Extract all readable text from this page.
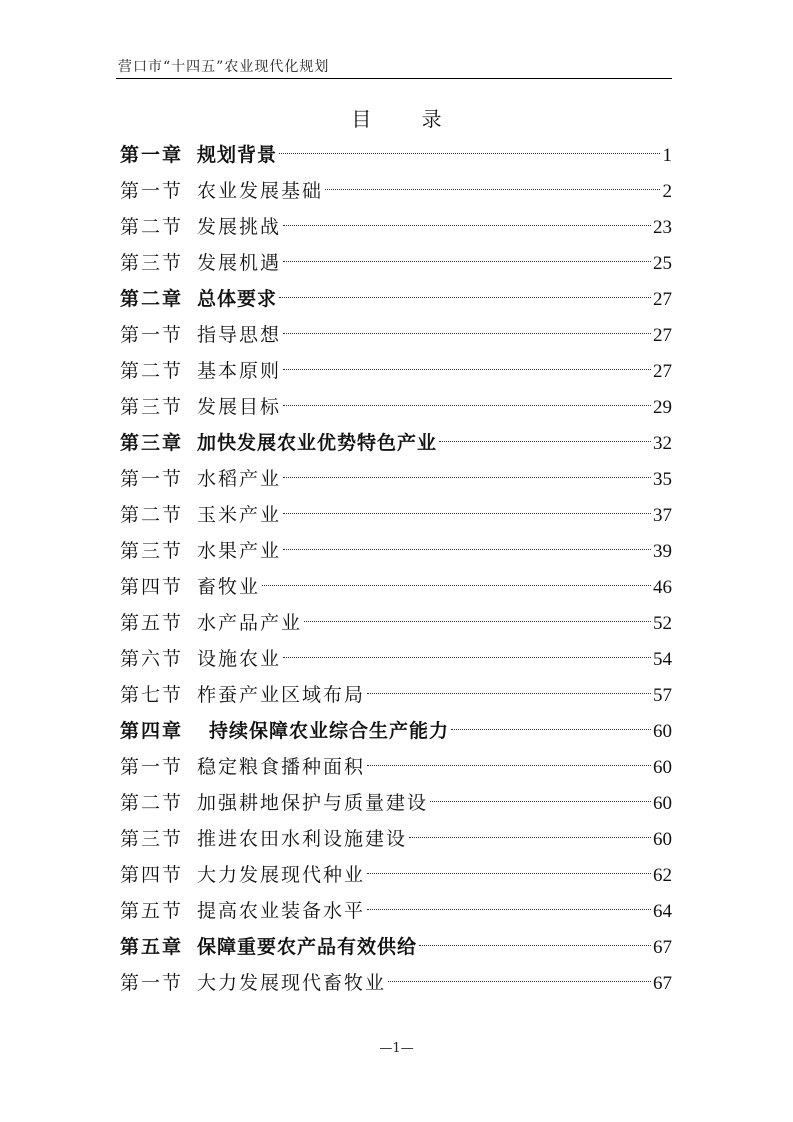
营口市“十四五”农业现代化规划
目 录
第一章 规划背景	1
第一节 农业发展基础	2
第二节 发展挑战	23
第三节 发展机遇	25
第二章 总体要求	27
第一节 指导思想	27
第二节 基本原则	27
第三节 发展目标	29
第三章 加快发展农业优势特色产业	32
第一节 水稻产业	35
第二节 玉米产业	37
第三节 水果产业	39
第四节 畜牧业	46
第五节 水产品产业	52
第六节 设施农业	54
第七节 柞蚕产业区域布局	57
第四章 持续保障农业综合生产能力	60
第一节 稳定粮食播种面积	60
第二节 加强耕地保护与质量建设	60
第三节 推进农田水利设施建设	60
第四节 大力发展现代种业	62
第五节 提高农业装备水平	64
第五章 保障重要农产品有效供给	67
第一节 大力发展现代畜牧业	67
—1—
